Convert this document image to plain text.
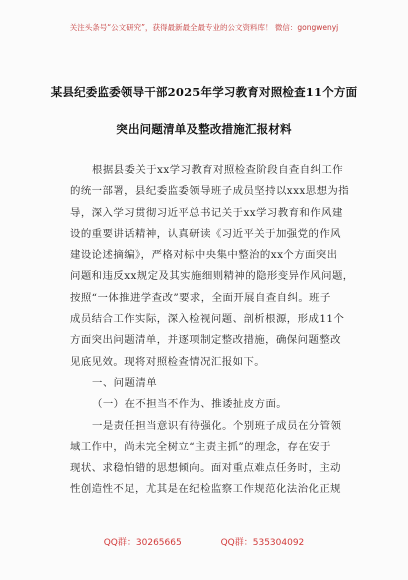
关注头条号“公文研究”，获得最新最全最专业的公文资料库！ 微信：gongwenyj
某县纪委监委领导干部2025年学习教育对照检查11个方面
突出问题清单及整改措施汇报材料
根据县委关于xx学习教育对照检查阶段自查自纠工作
的统一部署，县纪委监委领导班子成员坚持以xxx思想为指
导，深入学习贯彻习近平总书记关于xx学习教育和作风建
设的重要讲话精神，认真研读《习近平关于加强党的作风
建设论述摘编》，严格对标中央集中整治的xx个方面突出
问题和违反xx规定及其实施细则精神的隐形变异作风问题，
按照“一体推进学查改”要求，全面开展自查自纠。班子
成员结合工作实际，深入检视问题、剖析根源，形成11个
方面突出问题清单，并逐项制定整改措施，确保问题整改
见底见效。现将对照检查情况汇报如下。
一、问题清单
（一）在不担当不作为、推诿扯皮方面。
一是责任担当意识有待强化。个别班子成员在分管领
域工作中，尚未完全树立“主责主抓”的理念，存在安于
现状、求稳怕错的思想倾向。面对重点难点任务时，主动
性创造性不足，尤其是在纪检监察工作规范化法治化正规
QQ群：30265665	QQ群：535304092
